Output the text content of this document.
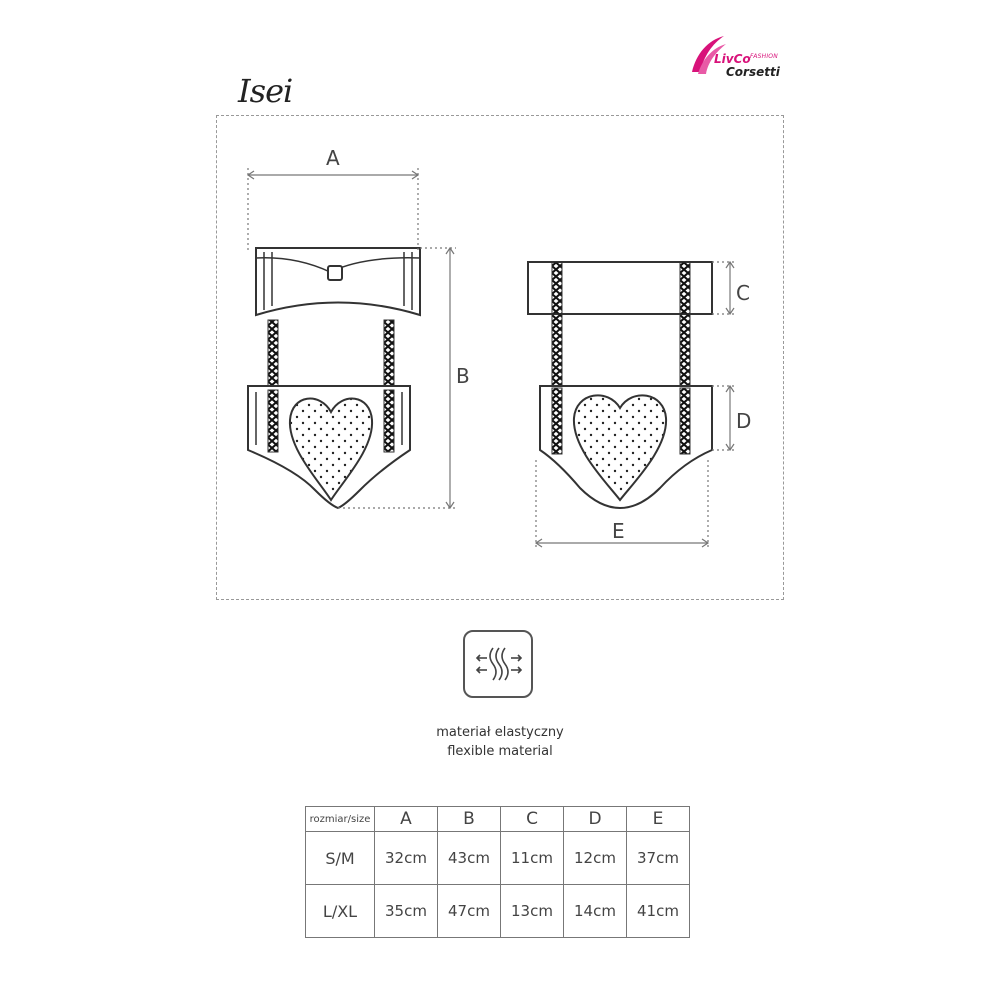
Isei
LivCo FASHION
Corsetti
A
B
C
D
E
materiał elastyczny
flexible material
rozmiar/size	A	B	C	D	E
S/M	32cm	43cm	11cm	12cm	37cm
L/XL	35cm	47cm	13cm	14cm	41cm
